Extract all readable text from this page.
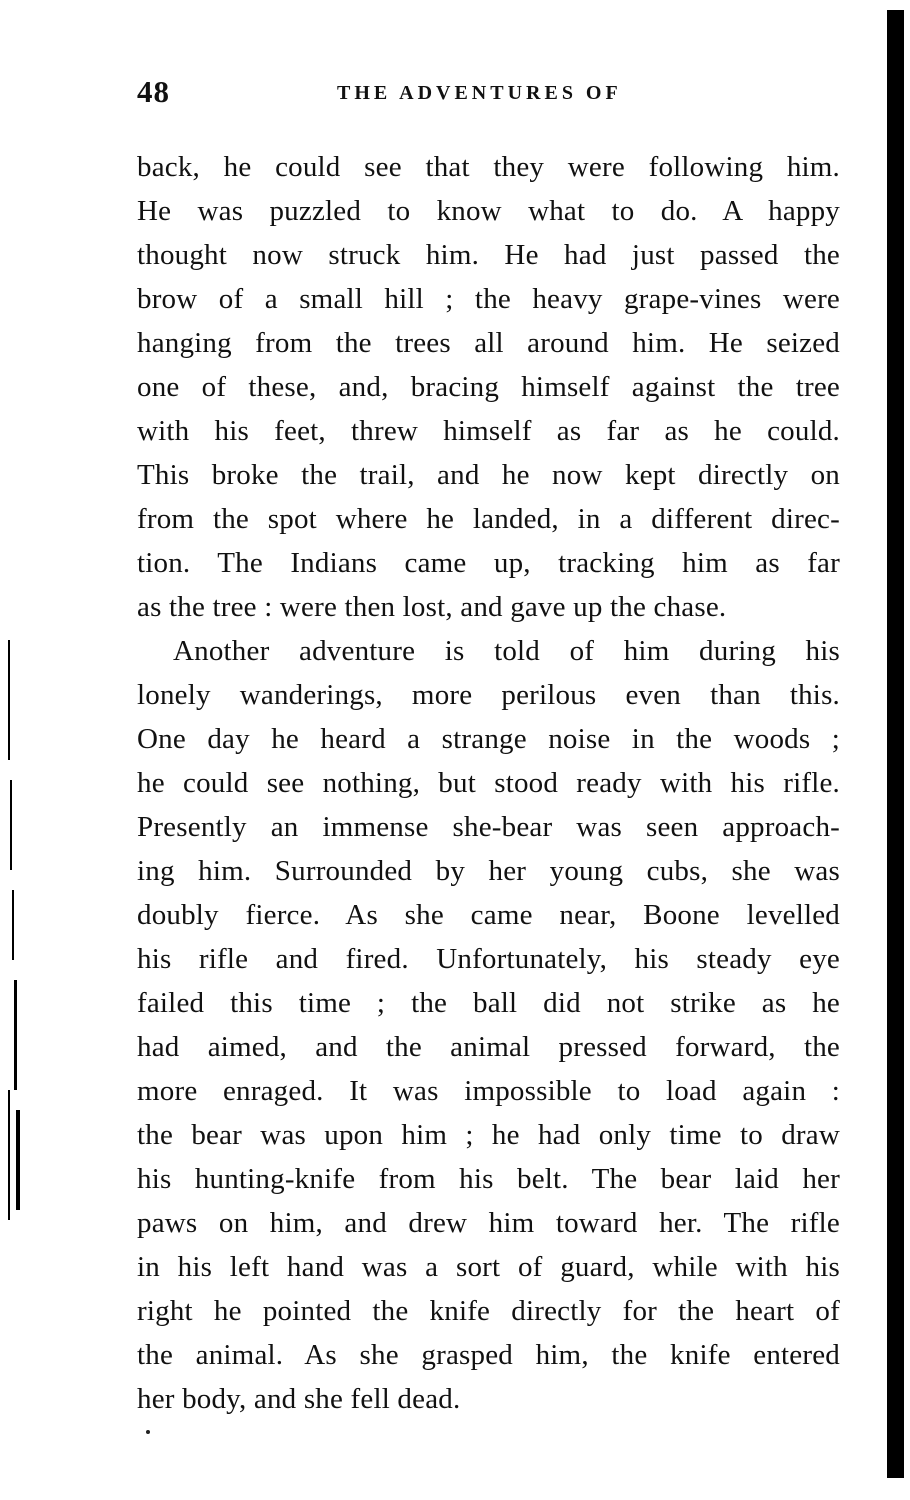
48	THE ADVENTURES OF
back, he could see that they were following him.
He was puzzled to know what to do. A happy
thought now struck him. He had just passed the
brow of a small hill ; the heavy grape-vines were
hanging from the trees all around him. He seized
one of these, and, bracing himself against the tree
with his feet, threw himself as far as he could.
This broke the trail, and he now kept directly on
from the spot where he landed, in a different direc-
tion. The Indians came up, tracking him as far
as the tree : were then lost, and gave up the chase.
Another adventure is told of him during his
lonely wanderings, more perilous even than this.
One day he heard a strange noise in the woods ;
he could see nothing, but stood ready with his rifle.
Presently an immense she-bear was seen approach-
ing him. Surrounded by her young cubs, she was
doubly fierce. As she came near, Boone levelled
his rifle and fired. Unfortunately, his steady eye
failed this time ; the ball did not strike as he
had aimed, and the animal pressed forward, the
more enraged. It was impossible to load again :
the bear was upon him ; he had only time to draw
his hunting-knife from his belt. The bear laid her
paws on him, and drew him toward her. The rifle
in his left hand was a sort of guard, while with his
right he pointed the knife directly for the heart of
the animal. As she grasped him, the knife entered
her body, and she fell dead.
